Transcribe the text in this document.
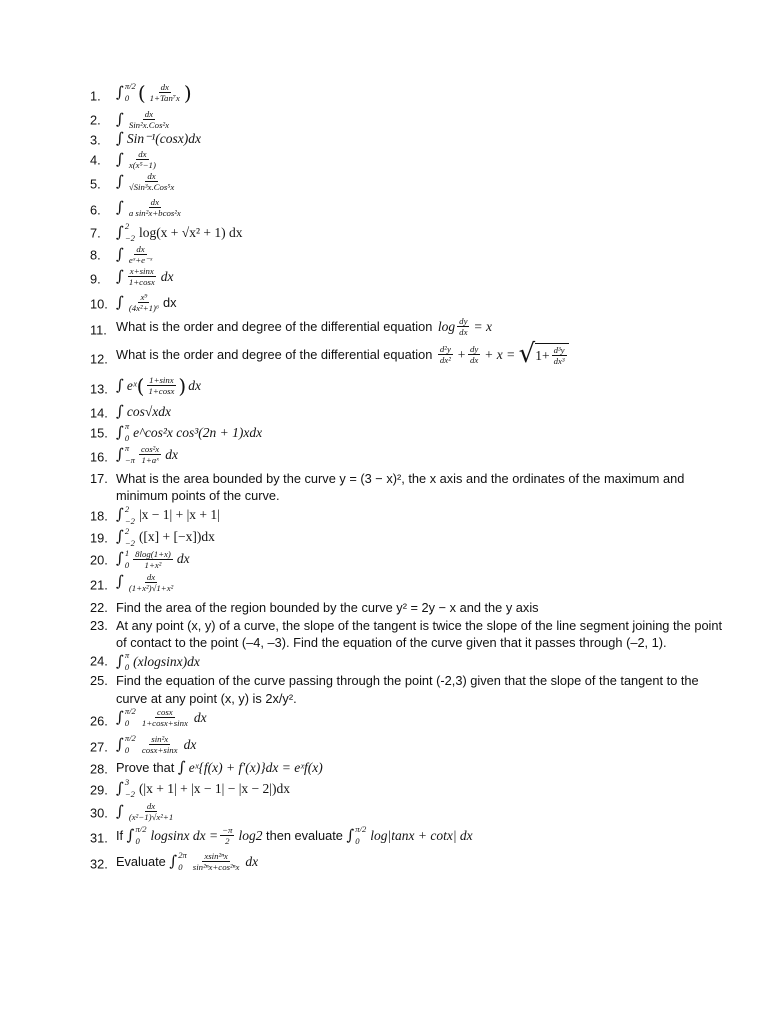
1. ∫ π/2
0 ( $\frac{dx}{\text{1+Tan⁷x}}$ )
2. ∫ $\frac{dx}{\text{Sin²x.Cos²x}}$
3. ∫ Sin⁻¹(cosx)dx
4. ∫ $\frac{dx}{\text{x(x⁵−1)}}$
5. ∫ $\frac{dx}{\text{√Sin³x.Cos⁵x}}$
6. ∫ $\frac{dx}{\text{a sin²x+bcos²x}}$
7. ∫ 2
−2 log(x + √x² + 1) dx
8. ∫ $\frac{dx}{\text{eˣ+e⁻ˣ}}$
9. ∫ $\frac{x+\sin x}{1+\cos x}$ dx
10. ∫ $\frac{\text{x⁹}}{\text{(4x²+1)⁶}}$ dx
11. What is the order and degree of the differential equation $\log \frac{dy}{dx} = x$
12. What is the order and degree of the differential equation $\frac{\text{d²y}}{\text{dx²}} + \frac{dy}{dx} + x$ = √ $1+ \frac{\text{d³y}}{\text{dx³}}$
13. ∫ eˣ ( $\frac{1+\sin x}{1+\cos x}$ ) dx
14. ∫ cos√xdx
15. ∫ π
0 e^cos²x cos³(2n + 1)xdx
16. ∫ π
$-\pi \frac{\text{cos²x}}{\text{1+aˣ}}$ dx
17. What is the area bounded by the curve y = (3 − x)², the x axis and the ordinates of the maximum and minimum points of the curve.
18. ∫ 2
−2 |x − 1| + |x + 1|
19. ∫ 2
−2 ([x] + [−x])dx
20. ∫ 1
$0 \frac{8\log(1+x)}{\text{1+x²}}$ dx
21. ∫ $\frac{dx}{\text{(1+x²)√1+x²}}$
22. Find the area of the region bounded by the curve y² = 2y − x and the y axis
23. At any point (x, y) of a curve, the slope of the tangent is twice the slope of the line segment joining the point of contact to the point (–4, –3). Find the equation of the curve given that it passes through (–2, 1).
24. ∫ π
0 (xlogsinx)dx
25. Find the equation of the curve passing through the point (-2,3) given that the slope of the tangent to the curve at any point (x, y) is 2x/y².
26. ∫ π/2
0	$\frac{\cos x}{1+\cos x+\sin x}$ dx
27. ∫ π/2
0	$\frac{\text{sin²x}}{\cos x+\sin x}$ dx
28. Prove that ∫ eˣ{f(x) + f′(x)}dx = eˣf(x)
29. ∫ 3
−2 (|x + 1| + |x − 1| − |x − 2|)dx
30. ∫ $\frac{dx}{\text{(x²−1)√x²+1}}$
31. If ∫ π/2
0 logsinx dx = $\frac{-\pi}{2} \log 2$ then evaluate ∫ π/2
0 log|tanx + cotx| dx
32. Evaluate ∫ 2π
$0 \frac{\text{xsin²ⁿx}}{\text{sin²ⁿx+cos²ⁿx}}$ dx
